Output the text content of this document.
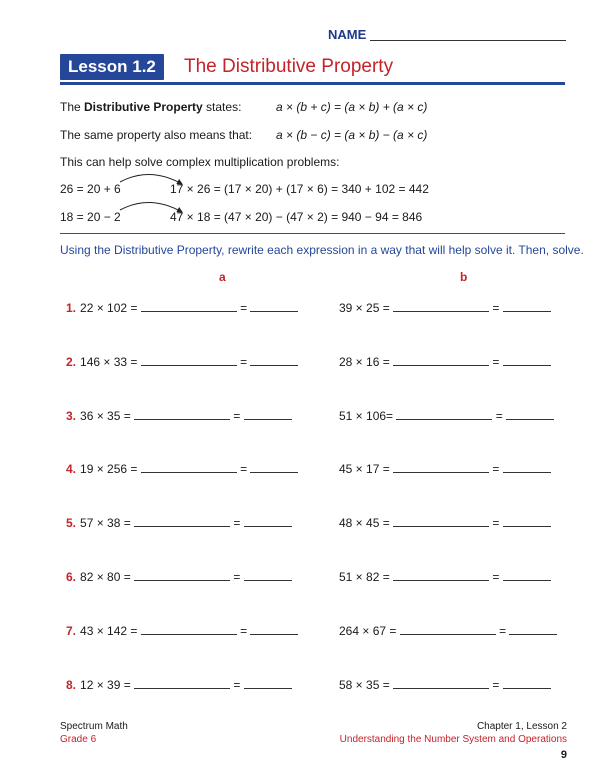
NAME
Lesson 1.2	The Distributive Property
The Distributive Property states:	a × (b + c) = (a × b) + (a × c)
The same property also means that: a × (b − c) = (a × b) − (a × c)
This can help solve complex multiplication problems:
26 = 20 + 6	17 × 26 = (17 × 20) + (17 × 6) = 340 + 102 = 442
18 = 20 − 2	47 × 18 = (47 × 20) − (47 × 2) = 940 − 94 = 846
Using the Distributive Property, rewrite each expression in a way that will help solve it. Then, solve.
a	b
1. 22 × 102 =	=	39 × 25 =	=
2. 146 × 33 =	=	28 × 16 =	=
3. 36 × 35 =	=	51 × 106=	=
4. 19 × 256 =	=	45 × 17 =	=
5. 57 × 38 =	=	48 × 45 =	=
6. 82 × 80 =	=	51 × 82 =	=
7. 43 × 142 =	=	264 × 67 =	=
8. 12 × 39 =	=	58 × 35 =	=
Spectrum Math
Grade 6
Chapter 1, Lesson 2
Understanding the Number System and Operations
9
